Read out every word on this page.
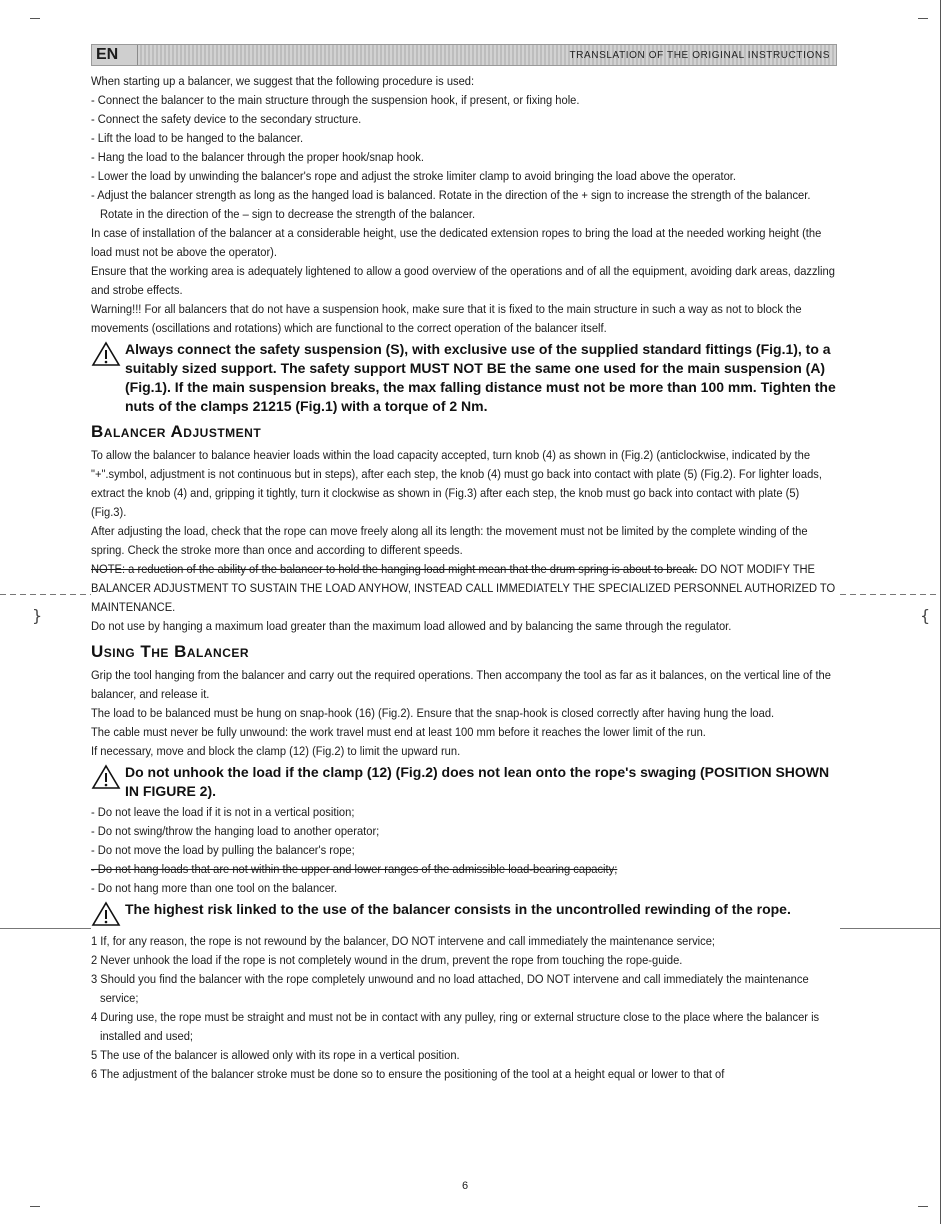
}	{
EN	TRANSLATION OF THE ORIGINAL INSTRUCTIONS

When starting up a balancer, we suggest that the following procedure is used:

- Connect the balancer to the main structure through the suspension hook, if present, or fixing hole.
- Connect the safety device to the secondary structure.
- Lift the load to be hanged to the balancer.
- Hang the load to the balancer through the proper hook/snap hook.
- Lower the load by unwinding the balancer's rope and adjust the stroke limiter clamp to avoid bringing the load above the operator.
- Adjust the balancer strength as long as the hanged load is balanced. Rotate in the direction of the + sign to increase the strength of the balancer. Rotate in the direction of the – sign to decrease the strength of the balancer.

In case of installation of the balancer at a considerable height, use the dedicated extension ropes to bring the load at the needed working height (the load must not be above the operator).

Ensure that the working area is adequately lightened to allow a good overview of the operations and of all the equipment, avoiding dark areas, dazzling and strobe effects.

Warning!!! For all balancers that do not have a suspension hook, make sure that it is fixed to the main structure in such a way as not to block the movements (oscillations and rotations) which are functional to the correct operation of the balancer itself.

Always connect the safety suspension (S), with exclusive use of the supplied standard fittings (Fig.1), to a suitably sized support. The safety support MUST NOT BE the same one used for the main suspension (A) (Fig.1). If the main suspension breaks, the max falling distance must not be more than 100 mm. Tighten the nuts of the clamps 21215 (Fig.1) with a torque of 2 Nm.
Balancer Adjustment

To allow the balancer to balance heavier loads within the load capacity accepted, turn knob (4) as shown in (Fig.2) (anticlockwise, indicated by the "+".symbol, adjustment is not continuous but in steps), after each step, the knob (4) must go back into contact with plate (5) (Fig.2). For lighter loads, extract the knob (4) and, gripping it tightly, turn it clockwise as shown in (Fig.3) after each step, the knob must go back into contact with plate (5) (Fig.3).

After adjusting the load, check that the rope can move freely along all its length: the movement must not be limited by the complete winding of the spring. Check the stroke more than once and according to different speeds.

NOTE: a reduction of the ability of the balancer to hold the hanging load might mean that the drum spring is about to break. DO NOT MODIFY THE BALANCER ADJUSTMENT TO SUSTAIN THE LOAD ANYHOW, INSTEAD CALL IMMEDIATELY THE SPECIALIZED PERSONNEL AUTHORIZED TO MAINTENANCE.

Do not use by hanging a maximum load greater than the maximum load allowed and by balancing the same through the regulator.

Using The Balancer

Grip the tool hanging from the balancer and carry out the required operations. Then accompany the tool as far as it balances, on the vertical line of the balancer, and release it.

The load to be balanced must be hung on snap-hook (16) (Fig.2). Ensure that the snap-hook is closed correctly after having hung the load.

The cable must never be fully unwound: the work travel must end at least 100 mm before it reaches the lower limit of the run.

If necessary, move and block the clamp (12) (Fig.2) to limit the upward run.

Do not unhook the load if the clamp (12) (Fig.2) does not lean onto the rope's swaging (POSITION SHOWN IN FIGURE 2).
- Do not leave the load if it is not in a vertical position;
- Do not swing/throw the hanging load to another operator;
- Do not move the load by pulling the balancer's rope;
- Do not hang loads that are not within the upper and lower ranges of the admissible load-bearing capacity;
- Do not hang more than one tool on the balancer.
The highest risk linked to the use of the balancer consists in the uncontrolled rewinding of the rope.
1 If, for any reason, the rope is not rewound by the balancer, DO NOT intervene and call immediately the maintenance service;
2 Never unhook the load if the rope is not completely wound in the drum, prevent the rope from touching the rope-guide.
3 Should you find the balancer with the rope completely unwound and no load attached, DO NOT intervene and call immediately the maintenance service;
4 During use, the rope must be straight and must not be in contact with any pulley, ring or external structure close to the place where the balancer is installed and used;
5 The use of the balancer is allowed only with its rope in a vertical position.
6 The adjustment of the balancer stroke must be done so to ensure the positioning of the tool at a height equal or lower to that of
6
